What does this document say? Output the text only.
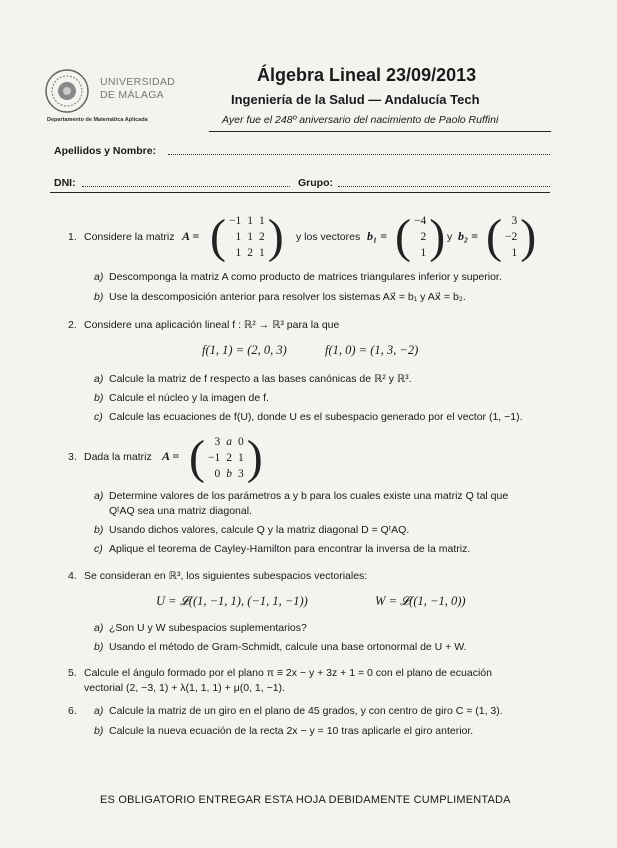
UNIVERSIDAD
DE MÁLAGA
Departamento de Matemática Aplicada
Álgebra Lineal 23/09/2013
Ingeniería de la Salud — Andalucía Tech
Ayer fue el 248º aniversario del nacimiento de Paolo Ruffini
Apellidos y Nombre:
DNI:	Grupo:
1. Considere la matriz A = ( −1 1 1
1 1 2
1 2 1 ) y los vectores b₁ = ( −4
2
1 ) y b₂ = ( 3
−2
1 )
a) Descomponga la matriz A como producto de matrices triangulares inferior y superior.
b) Use la descomposición anterior para resolver los sistemas Ax⃗ = b₁ y Ax⃗ = b₂.
2. Considere una aplicación lineal f : ℝ² → ℝ³ para la que
f(1, 1) = (2, 0, 3)	f(1, 0) = (1, 3, −2)
a) Calcule la matriz de f respecto a las bases canónicas de ℝ² y ℝ³.
b) Calcule el núcleo y la imagen de f.
c) Calcule las ecuaciones de f(U), donde U es el subespacio generado por el vector (1, −1).
3. Dada la matriz A = ( 3 a 0
−1 2 1
0 b 3 )
a) Determine valores de los parámetros a y b para los cuales existe una matriz Q tal que
QᵗAQ sea una matriz diagonal.
b) Usando dichos valores, calcule Q y la matriz diagonal D = QᵗAQ.
c) Aplique el teorema de Cayley-Hamilton para encontrar la inversa de la matriz.
4. Se consideran en ℝ³, los siguientes subespacios vectoriales:
U = 𝓛((1, −1, 1), (−1, 1, −1))	W = 𝓛((1, −1, 0))
a) ¿Son U y W subespacios suplementarios?
b) Usando el método de Gram-Schmidt, calcule una base ortonormal de U + W.
5. Calcule el ángulo formado por el plano π ≡ 2x − y + 3z + 1 = 0 con el plano de ecuación
vectorial (2, −3, 1) + λ(1, 1, 1) + μ(0, 1, −1).
6. a) Calcule la matriz de un giro en el plano de 45 grados, y con centro de giro C = (1, 3).
b) Calcule la nueva ecuación de la recta 2x − y = 10 tras aplicarle el giro anterior.
ES OBLIGATORIO ENTREGAR ESTA HOJA DEBIDAMENTE CUMPLIMENTADA
